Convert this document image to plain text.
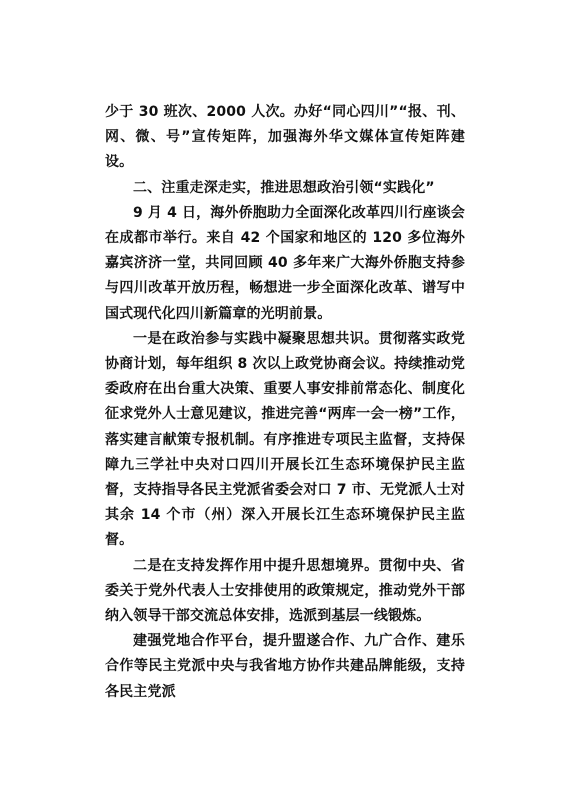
少于 30 班次、2000 人次。办好“同心四川”“报、刊、网、微、号”宣传矩阵，加强海外华文媒体宣传矩阵建设。

二、注重走深走实，推进思想政治引领“实践化”

9 月 4 日，海外侨胞助力全面深化改革四川行座谈会在成都市举行。来自 42 个国家和地区的 120 多位海外嘉宾济济一堂，共同回顾 40 多年来广大海外侨胞支持参与四川改革开放历程，畅想进一步全面深化改革、谱写中国式现代化四川新篇章的光明前景。

一是在政治参与实践中凝聚思想共识。贯彻落实政党协商计划，每年组织 8 次以上政党协商会议。持续推动党委政府在出台重大决策、重要人事安排前常态化、制度化征求党外人士意见建议，推进完善“两库一会一榜”工作，落实建言献策专报机制。有序推进专项民主监督，支持保障九三学社中央对口四川开展长江生态环境保护民主监督，支持指导各民主党派省委会对口 7 市、无党派人士对其余 14 个市（州）深入开展长江生态环境保护民主监督。

二是在支持发挥作用中提升思想境界。贯彻中央、省委关于党外代表人士安排使用的政策规定，推动党外干部纳入领导干部交流总体安排，选派到基层一线锻炼。

建强党地合作平台，提升盟遂合作、九广合作、建乐合作等民主党派中央与我省地方协作共建品牌能级，支持各民主党派
